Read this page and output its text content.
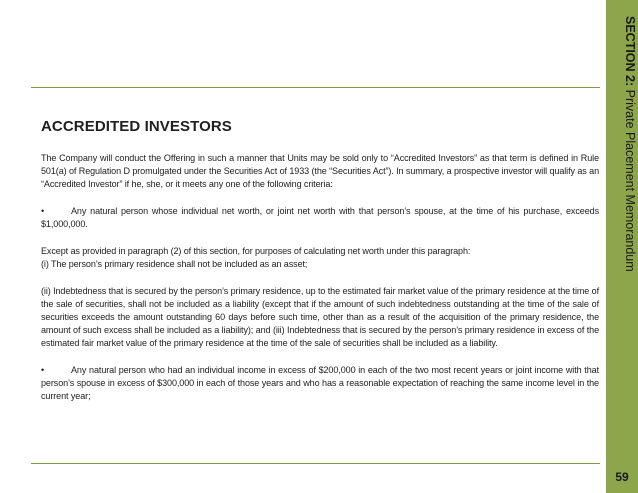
ACCREDITED INVESTORS

The Company will conduct the Offering in such a manner that Units may be sold only to “Accredited Investors” as that term is defined in Rule 501(a) of Regulation D promulgated under the Securities Act of 1933 (the “Securities Act”). In summary, a prospective investor will qualify as an “Accredited Investor” if he, she, or it meets any one of the following criteria:

•	Any natural person whose individual net worth, or joint net worth with that person’s spouse, at the time of his purchase, exceeds $1,000,000.

Except as provided in paragraph (2) of this section, for purposes of calculating net worth under this paragraph:
(i) The person’s primary residence shall not be included as an asset;

(ii) Indebtedness that is secured by the person’s primary residence, up to the estimated fair market value of the primary residence at the time of the sale of securities, shall not be included as a liability (except that if the amount of such indebtedness outstanding at the time of the sale of securities exceeds the amount outstanding 60 days before such time, other than as a result of the acquisition of the primary residence, the amount of such excess shall be included as a liability); and (iii) Indebtedness that is secured by the person’s primary residence in excess of the estimated fair market value of the primary residence at the time of the sale of securities shall be included as a liability.

•	Any natural person who had an individual income in excess of $200,000 in each of the two most recent years or joint income with that person’s spouse in excess of $300,000 in each of those years and who has a reasonable expectation of reaching the same income level in the current year;

SECTION 2: Private Placement Memorandum
59
